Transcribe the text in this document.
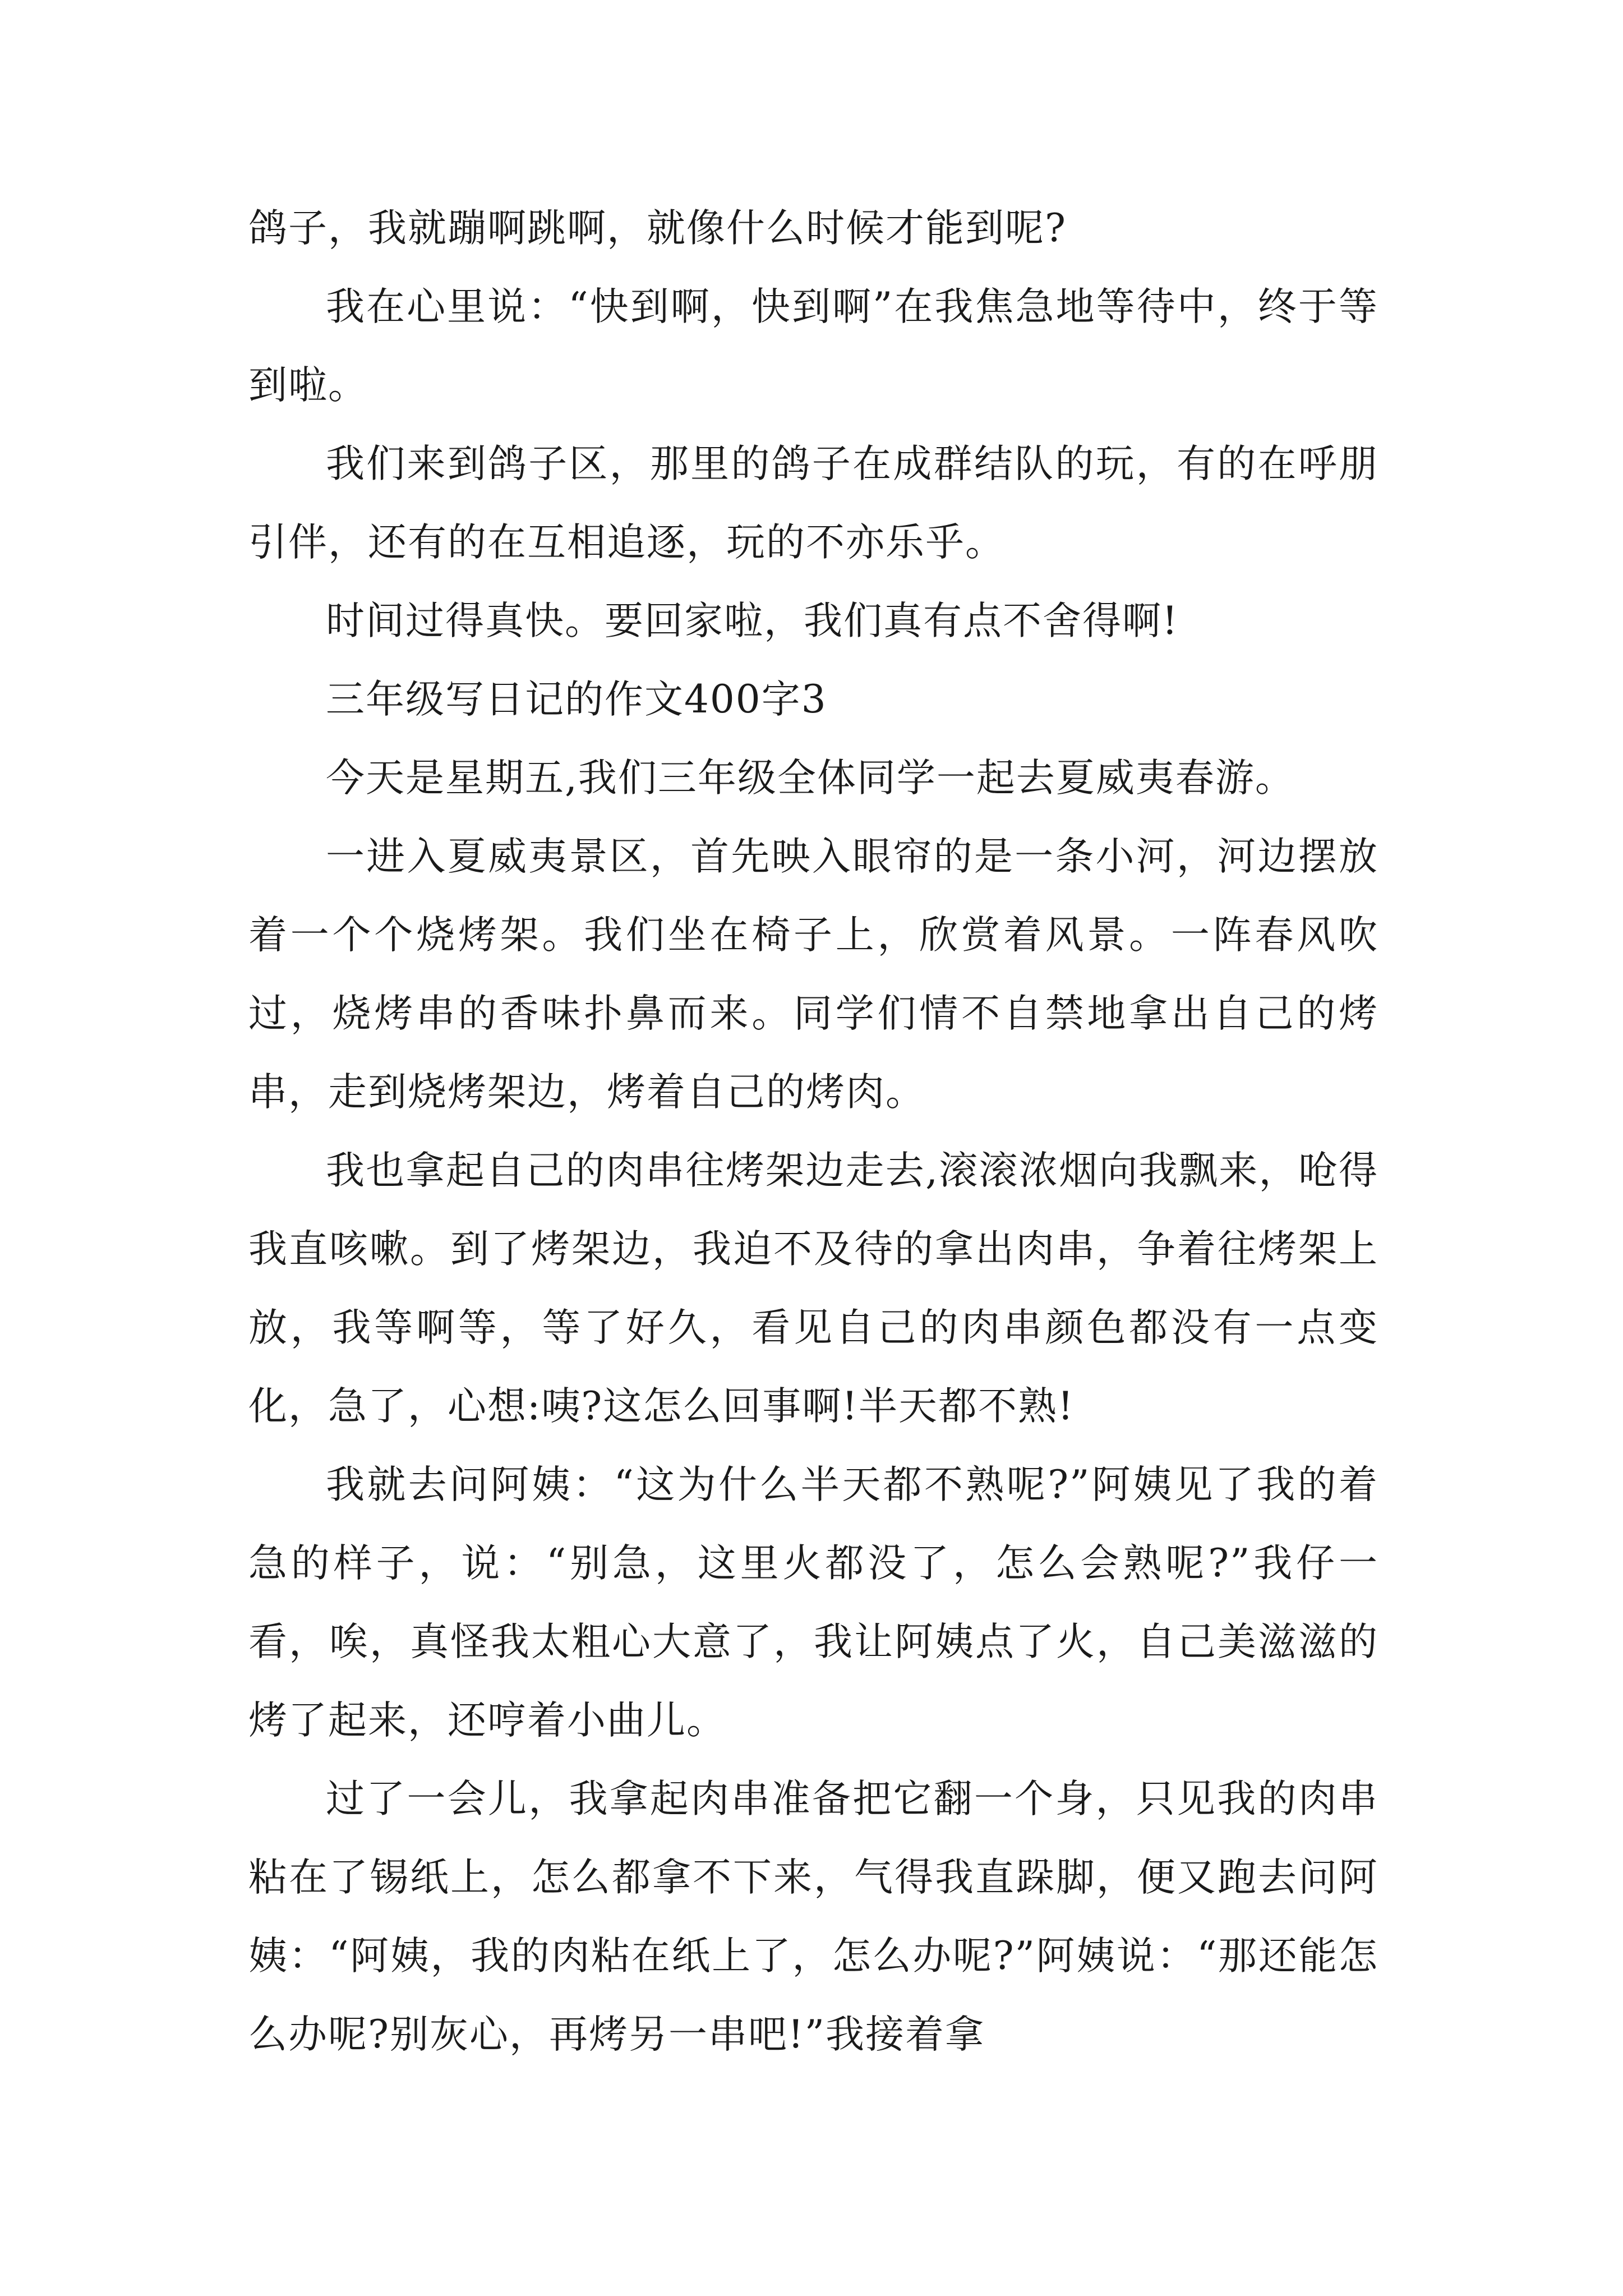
鸽子，我就蹦啊跳啊，就像什么时候才能到呢?

我在心里说：“快到啊，快到啊”在我焦急地等待中，终于等到啦。

我们来到鸽子区，那里的鸽子在成群结队的玩，有的在呼朋引伴，还有的在互相追逐，玩的不亦乐乎。

时间过得真快。要回家啦，我们真有点不舍得啊!

三年级写日记的作文400字3

今天是星期五,我们三年级全体同学一起去夏威夷春游。

一进入夏威夷景区，首先映入眼帘的是一条小河，河边摆放着一个个烧烤架。我们坐在椅子上，欣赏着风景。一阵春风吹过，烧烤串的香味扑鼻而来。同学们情不自禁地拿出自己的烤串，走到烧烤架边，烤着自己的烤肉。

我也拿起自己的肉串往烤架边走去,滚滚浓烟向我飘来，呛得我直咳嗽。到了烤架边，我迫不及待的拿出肉串，争着往烤架上放，我等啊等，等了好久，看见自己的肉串颜色都没有一点变化，急了，心想:咦?这怎么回事啊!半天都不熟!

我就去问阿姨：“这为什么半天都不熟呢?”阿姨见了我的着急的样子，说：“别急，这里火都没了，怎么会熟呢?”我仔一看，唉，真怪我太粗心大意了，我让阿姨点了火，自己美滋滋的烤了起来，还哼着小曲儿。

过了一会儿，我拿起肉串准备把它翻一个身，只见我的肉串粘在了锡纸上，怎么都拿不下来，气得我直跺脚，便又跑去问阿姨：“阿姨，我的肉粘在纸上了，怎么办呢?”阿姨说：“那还能怎么办呢?别灰心，再烤另一串吧!”我接着拿
